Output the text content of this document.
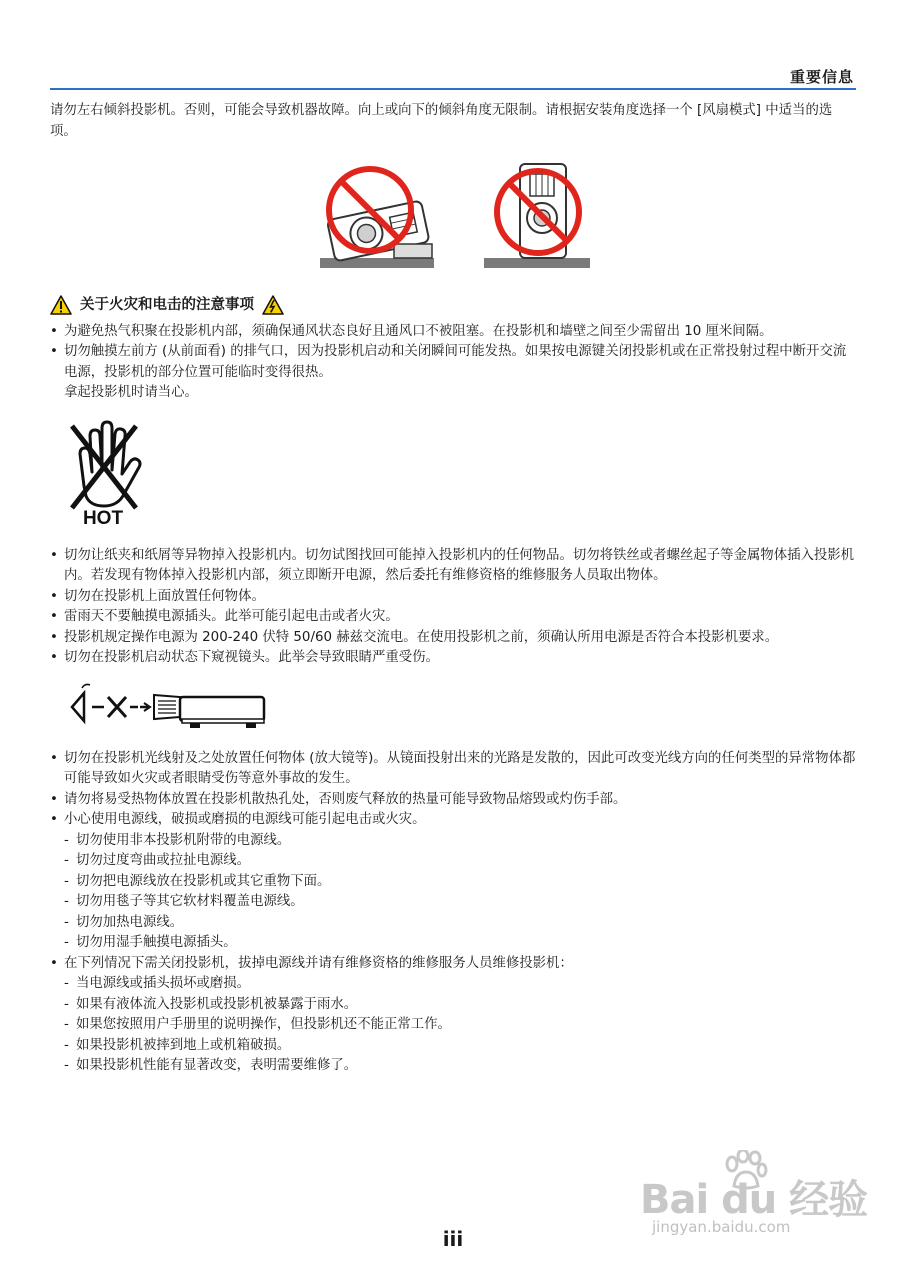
重要信息

请勿左右倾斜投影机。否则，可能会导致机器故障。向上或向下的倾斜角度无限制。请根据安装角度选择一个 [风扇模式] 中适当的选项。

关于火灾和电击的注意事项
• 为避免热气积聚在投影机内部，须确保通风状态良好且通风口不被阻塞。在投影机和墙壁之间至少需留出 10 厘米间隔。
• 切勿触摸左前方 (从前面看) 的排气口，因为投影机启动和关闭瞬间可能发热。如果按电源键关闭投影机或在正常投射过程中断开交流电源，投影机的部分位置可能临时变得很热。
拿起投影机时请当心。
HOT
• 切勿让纸夹和纸屑等异物掉入投影机内。切勿试图找回可能掉入投影机内的任何物品。切勿将铁丝或者螺丝起子等金属物体插入投影机内。若发现有物体掉入投影机内部，须立即断开电源，然后委托有维修资格的维修服务人员取出物体。
• 切勿在投影机上面放置任何物体。
• 雷雨天不要触摸电源插头。此举可能引起电击或者火灾。
• 投影机规定操作电源为 200-240 伏特 50/60 赫兹交流电。在使用投影机之前，须确认所用电源是否符合本投影机要求。
• 切勿在投影机启动状态下窥视镜头。此举会导致眼睛严重受伤。
• 切勿在投影机光线射及之处放置任何物体 (放大镜等)。从镜面投射出来的光路是发散的，因此可改变光线方向的任何类型的异常物体都可能导致如火灾或者眼睛受伤等意外事故的发生。
• 请勿将易受热物体放置在投影机散热孔处，否则废气释放的热量可能导致物品熔毁或灼伤手部。
• 小心使用电源线，破损或磨损的电源线可能引起电击或火灾。
- 切勿使用非本投影机附带的电源线。
- 切勿过度弯曲或拉扯电源线。
- 切勿把电源线放在投影机或其它重物下面。
- 切勿用毯子等其它软材料覆盖电源线。
- 切勿加热电源线。
- 切勿用湿手触摸电源插头。
• 在下列情况下需关闭投影机，拔掉电源线并请有维修资格的维修服务人员维修投影机：
- 当电源线或插头损坏或磨损。
- 如果有液体流入投影机或投影机被暴露于雨水。
- 如果您按照用户手册里的说明操作，但投影机还不能正常工作。
- 如果投影机被摔到地上或机箱破损。
- 如果投影机性能有显著改变，表明需要维修了。
Bai du 经验
jingyan.baidu.com
iii
